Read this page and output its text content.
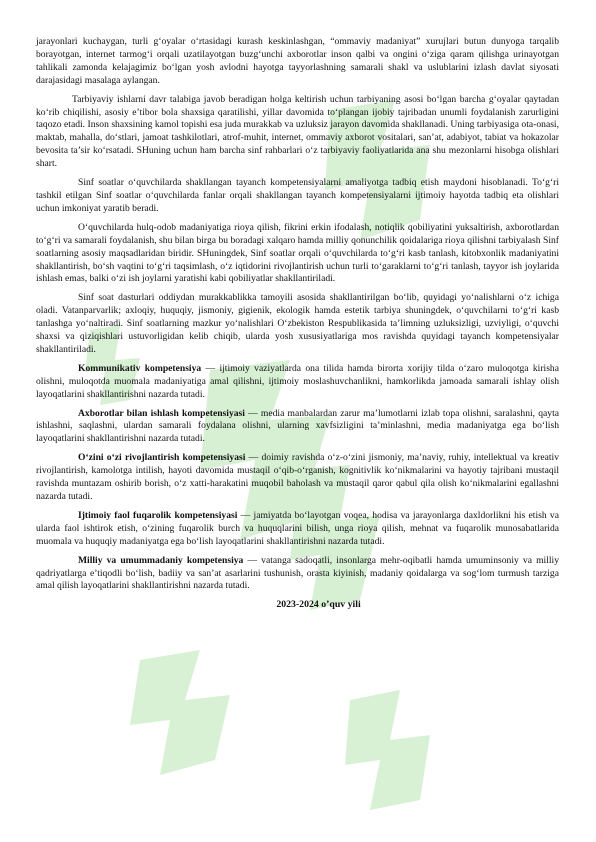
jarayonlari kuchaygan, turli g‘oyalar o‘rtasidagi kurash keskinlashgan, “ommaviy madaniyat” xurujlari butun dunyoga tarqalib borayotgan, internet tarmog‘i orqali uzatilayotgan buzg‘unchi axborotlar inson qalbi va ongini o‘ziga qaram qilishga urinayotgan tahlikali zamonda kelajagimiz bo‘lgan yosh avlodni hayotga tayyorlashning samarali shakl va uslublarini izlash davlat siyosati darajasidagi masalaga aylangan.

Tarbiyaviy ishlarni davr talabiga javob beradigan holga keltirish uchun tarbiyaning asosi bo‘lgan barcha g‘oyalar qaytadan ko‘rib chiqilishi, asosiy e’tibor bola shaxsiga qaratilishi, yillar davomida to‘plangan ijobiy tajribadan unumli foydalanish zarurligini taqozo etadi. Inson shaxsining kamol topishi esa juda murakkab va uzluksiz jarayon davomida shakllanadi. Uning tarbiyasiga ota-onasi, maktab, mahalla, do‘stlari, jamoat tashkilotlari, atrof-muhit, internet, ommaviy axborot vositalari, san’at, adabiyot, tabiat va hokazolar bevosita ta’sir ko‘rsatadi. SHuning uchun ham barcha sinf rahbarlari o‘z tarbiyaviy faoliyatlarida ana shu mezonlarni hisobga olishlari shart.

Sinf soatlar o‘quvchilarda shakllangan tayanch kompetensiyalarni amaliyotga tadbiq etish maydoni hisoblanadi. To‘g‘ri tashkil etilgan Sinf soatlar o‘quvchilarda fanlar orqali shakllangan tayanch kompetensiyalarni ijtimoiy hayotda tadbiq eta olishlari uchun imkoniyat yaratib beradi.

O‘quvchilarda hulq-odob madaniyatiga rioya qilish, fikrini erkin ifodalash, notiqlik qobiliyatini yuksaltirish, axborotlardan to‘g‘ri va samarali foydalanish, shu bilan birga bu boradagi xalqaro hamda milliy qonunchilik qoidalariga rioya qilishni tarbiyalash Sinf soatlarning asosiy maqsadlaridan biridir. SHuningdek, Sinf soatlar orqali o‘quvchilarda to‘g‘ri kasb tanlash, kitobxonlik madaniyatini shakllantirish, bo‘sh vaqtini to‘g‘ri taqsimlash, o‘z iqtidorini rivojlantirish uchun turli to‘garaklarni to‘g‘ri tanlash, tayyor ish joylarida ishlash emas, balki o‘zi ish joylarni yaratishi kabi qobiliyatlar shakllantiriladi.

Sinf soat dasturlari oddiydan murakkablikka tamoyili asosida shakllantirilgan bo‘lib, quyidagi yo‘nalishlarni o‘z ichiga oladi. Vatanparvarlik; axloqiy, huquqiy, jismoniy, gigienik, ekologik hamda estetik tarbiya shuningdek, o‘quvchilarni to‘g‘ri kasb tanlashga yo‘naltiradi. Sinf soatlarning mazkur yo‘nalishlari O‘zbekiston Respublikasida ta’limning uzluksizligi, uzviyligi, o‘quvchi shaxsi va qiziqishlari ustuvorligidan kelib chiqib, ularda yosh xususiyatlariga mos ravishda quyidagi tayanch kompetensiyalar shakllantiriladi.

Kommunikativ kompetensiya — ijtimoiy vaziyatlarda ona tilida hamda birorta xorijiy tilda o‘zaro muloqotga kirisha olishni, muloqotda muomala madaniyatiga amal qilishni, ijtimoiy moslashuvchanlikni, hamkorlikda jamoada samarali ishlay olish layoqatlarini shakllantirishni nazarda tutadi.

Axborotlar bilan ishlash kompetensiyasi — media manbalardan zarur ma’lumotlarni izlab topa olishni, saralashni, qayta ishlashni, saqlashni, ulardan samarali foydalana olishni, ularning xavfsizligini ta’minlashni, media madaniyatga ega bo‘lish layoqatlarini shakllantirishni nazarda tutadi.

O‘zini o‘zi rivojlantirish kompetensiyasi — doimiy ravishda o‘z-o‘zini jismoniy, ma’naviy, ruhiy, intellektual va kreativ rivojlantirish, kamolotga intilish, hayoti davomida mustaqil o‘qib-o‘rganish, kognitivlik ko‘nikmalarini va hayotiy tajribani mustaqil ravishda muntazam oshirib borish, o‘z xatti-harakatini muqobil baholash va mustaqil qaror qabul qila olish ko‘nikmalarini egallashni nazarda tutadi.

Ijtimoiy faol fuqarolik kompetensiyasi — jamiyatda bo‘layotgan voqea, hodisa va jarayonlarga daxldorlikni his etish va ularda faol ishtirok etish, o‘zining fuqarolik burch va huquqlarini bilish, unga rioya qilish, mehnat va fuqarolik munosabatlarida muomala va huquqiy madaniyatga ega bo‘lish layoqatlarini shakllantirishni nazarda tutadi.

Milliy va umummadaniy kompetensiya — vatanga sadoqatli, insonlarga mehr-oqibatli hamda umuminsoniy va milliy qadriyatlarga e’tiqodli bo‘lish, badiiy va san’at asarlarini tushunish, orasta kiyinish, madaniy qoidalarga va sog‘lom turmush tarziga amal qilish layoqatlarini shakllantirishni nazarda tutadi.

2023-2024 o’quv yili
